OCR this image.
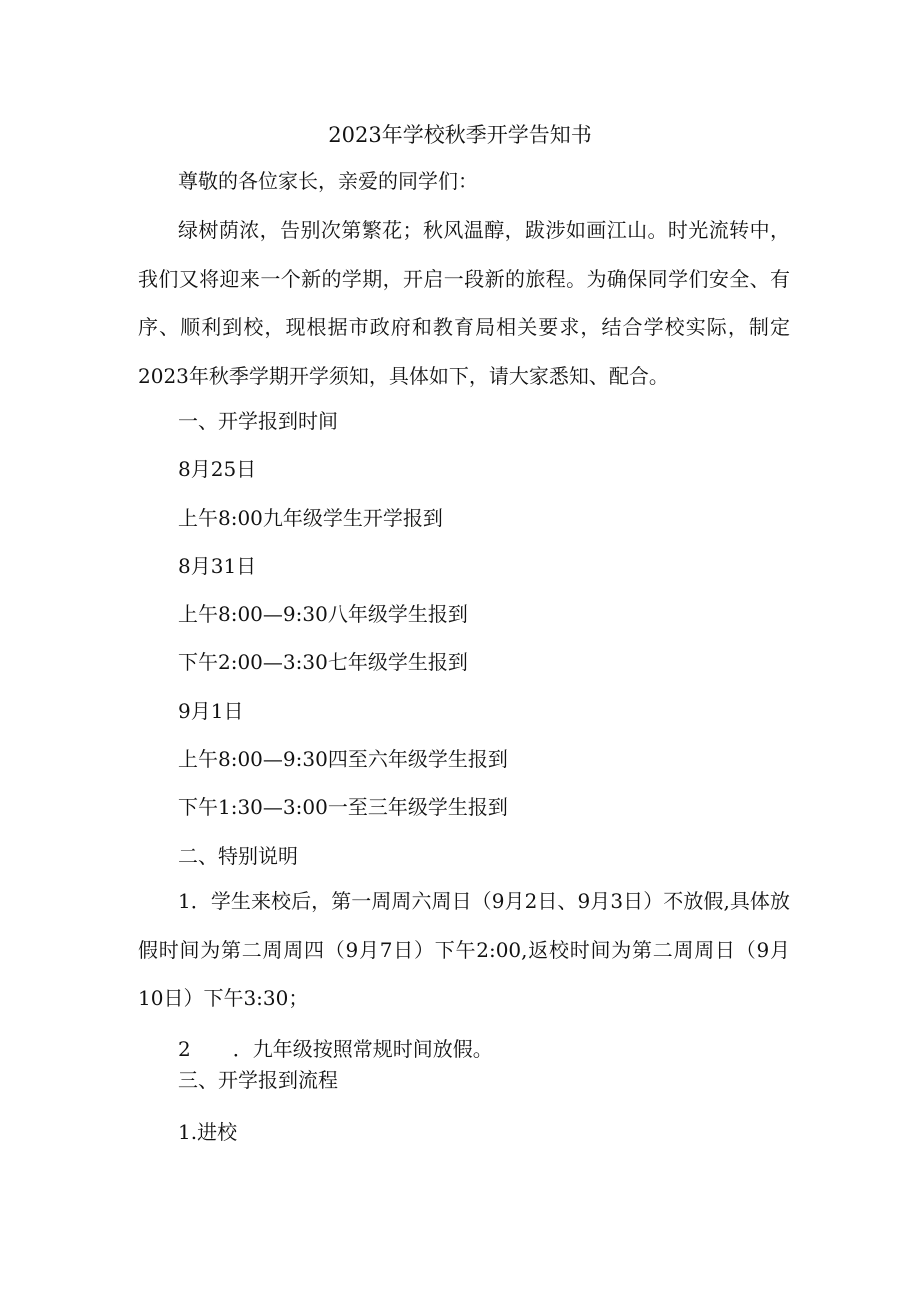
2023年学校秋季开学告知书
尊敬的各位家长，亲爱的同学们：

绿树荫浓，告别次第繁花；秋风温醇，跋涉如画江山。时光流转中，我们又将迎来一个新的学期，开启一段新的旅程。为确保同学们安全、有序、顺利到校，现根据市政府和教育局相关要求，结合学校实际，制定2023年秋季学期开学须知，具体如下，请大家悉知、配合。

一、开学报到时间
8月25日
上午8:00九年级学生开学报到
8月31日
上午8:00—9:30八年级学生报到
下午2:00—3:30七年级学生报到
9月1日
上午8:00—9:30四至六年级学生报到
下午1:30—3:00一至三年级学生报到
二、特别说明

1．学生来校后，第一周周六周日（9月2日、9月3日）不放假,具体放假时间为第二周周四（9月7日）下午2:00,返校时间为第二周周日（9月10日）下午3:30；

2 ．九年级按照常规时间放假。
三、开学报到流程
1.进校
